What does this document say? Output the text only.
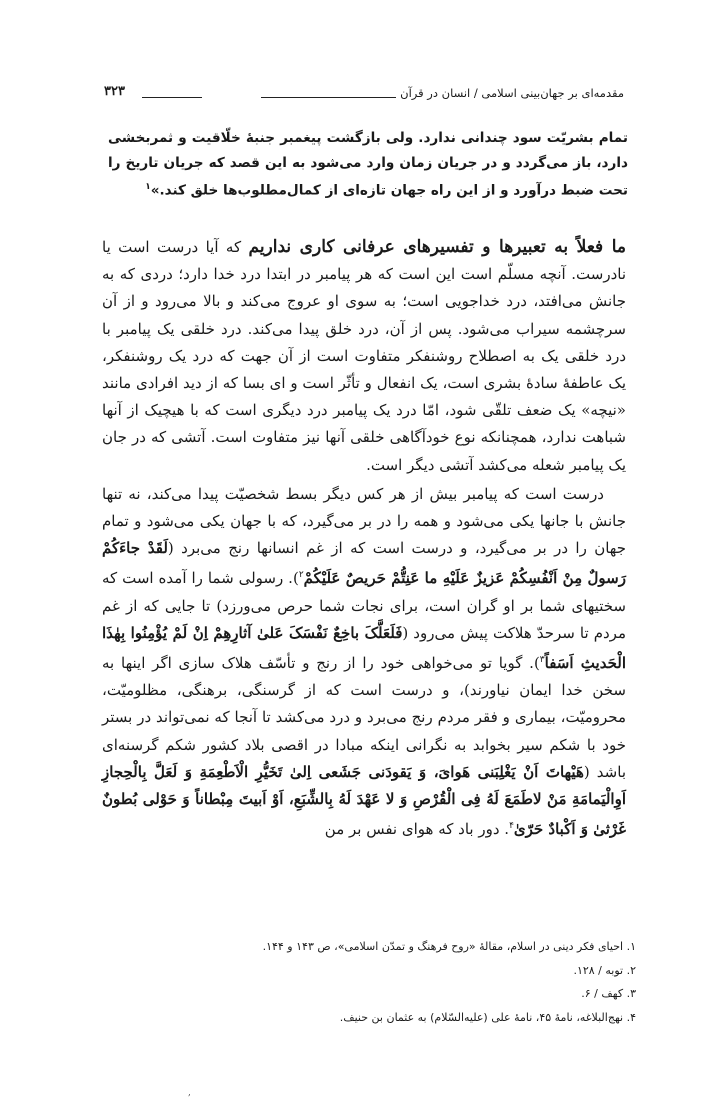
مقدمه‌ای بر جهان‌بینی اسلامی / انسان در قرآن
۳۲۳
تمام بشریّت سود چندانی ندارد. ولی بازگشت پیغمبر جنبهٔ خلّاقیت و ثمربخشی دارد، باز می‌گردد و در جریان زمان وارد می‌شود به این قصد که جریان تاریخ را تحت ضبط درآورد و از این راه جهان تازه‌ای از کمال‌مطلوب‌ها خلق کند.»$^۱$

ما فعلاً به تعبیرها و تفسیرهای عرفانی کاری نداریم که آیا درست است یا نادرست. آنچه مسلّم است این است که هر پیامبر در ابتدا درد خدا دارد؛ دردی که به جانش می‌افتد، درد خداجویی است؛ به سوی او عروج می‌کند و بالا می‌رود و از آن سرچشمه سیراب می‌شود. پس از آن، درد خلق پیدا می‌کند. درد خلقی یک پیامبر با درد خلقی یک به اصطلاح روشنفکر متفاوت است از آن جهت که درد یک روشنفکر، یک عاطفهٔ سادهٔ بشری است، یک انفعال و تأثّر است و ای بسا که از دید افرادی مانند «نیچه» یک ضعف تلقّی شود، امّا درد یک پیامبر درد دیگری است که با هیچیک از آنها شباهت ندارد، همچنانکه نوع خودآگاهی خلقی آنها نیز متفاوت است. آتشی که در جان یک پیامبر شعله می‌کشد آتشی دیگر است.

درست است که پیامبر بیش از هر کس دیگر بسط شخصیّت پیدا می‌کند، نه تنها جانش با جانها یکی می‌شود و همه را در بر می‌گیرد، که با جهان یکی می‌شود و تمام جهان را در بر می‌گیرد، و درست است که از غم انسانها رنج می‌برد (لَقَدْ جاءَکُمْ رَسولٌ مِنْ اَنْفُسِکُمْ عَزیزٌ عَلَیْهِ ما عَنِتُّمْ حَریصٌ عَلَیْکُمْ$^۲$). رسولی شما را آمده است که سختیهای شما بر او گران است، برای نجات شما حرص می‌ورزد) تا جایی که از غم مردم تا سرحدّ هلاکت پیش می‌رود (فَلَعَلَّکَ باخِعٌ نَفْسَکَ عَلیٰ آثارِهِمْ اِنْ لَمْ یُؤْمِنُوا بِهٰذَا الْحَدیثِ اَسَفاً$^۳$). گویا تو می‌خواهی خود را از رنج و تأسّف هلاک سازی اگر اینها به سخن خدا ایمان نیاورند)، و درست است که از گرسنگی، برهنگی، مظلومیّت، محرومیّت، بیماری و فقر مردم رنج می‌برد و درد می‌کشد تا آنجا که نمی‌تواند در بستر خود با شکم سیر بخوابد به نگرانی اینکه مبادا در اقصی بلاد کشور شکم گرسنه‌ای باشد (هَیْهاتَ اَنْ یَغْلِبَنی هَوایَ، وَ یَقودَنی جَشَعی اِلیٰ تَخَیُّرِ الْاَطْعِمَةِ وَ لَعَلَّ بِالْحِجازِ اَوِالْیَمامَةِ مَنْ لاطَمَعَ لَهُ فِی الْقُرْصِ وَ لا عَهْدَ لَهُ بِالشِّبَعِ، اَوْ اَبیتَ مِبْطاناً وَ حَوْلی بُطونٌ غَرْثیٰ وَ اَکْبادٌ حَرّیٰ$^۴$. دور باد که هوای نفس بر من

۱. احیای فکر دینی در اسلام، مقالهٔ «روح فرهنگ و تمدّن اسلامی»، ص ۱۴۳ و ۱۴۴.
۲. توبه / ۱۲۸.
۳. کهف / ۶.
۴. نهج‌البلاغه، نامهٔ ۴۵، نامهٔ علی (علیه‌السّلام) به عثمان بن حنیف.
,
